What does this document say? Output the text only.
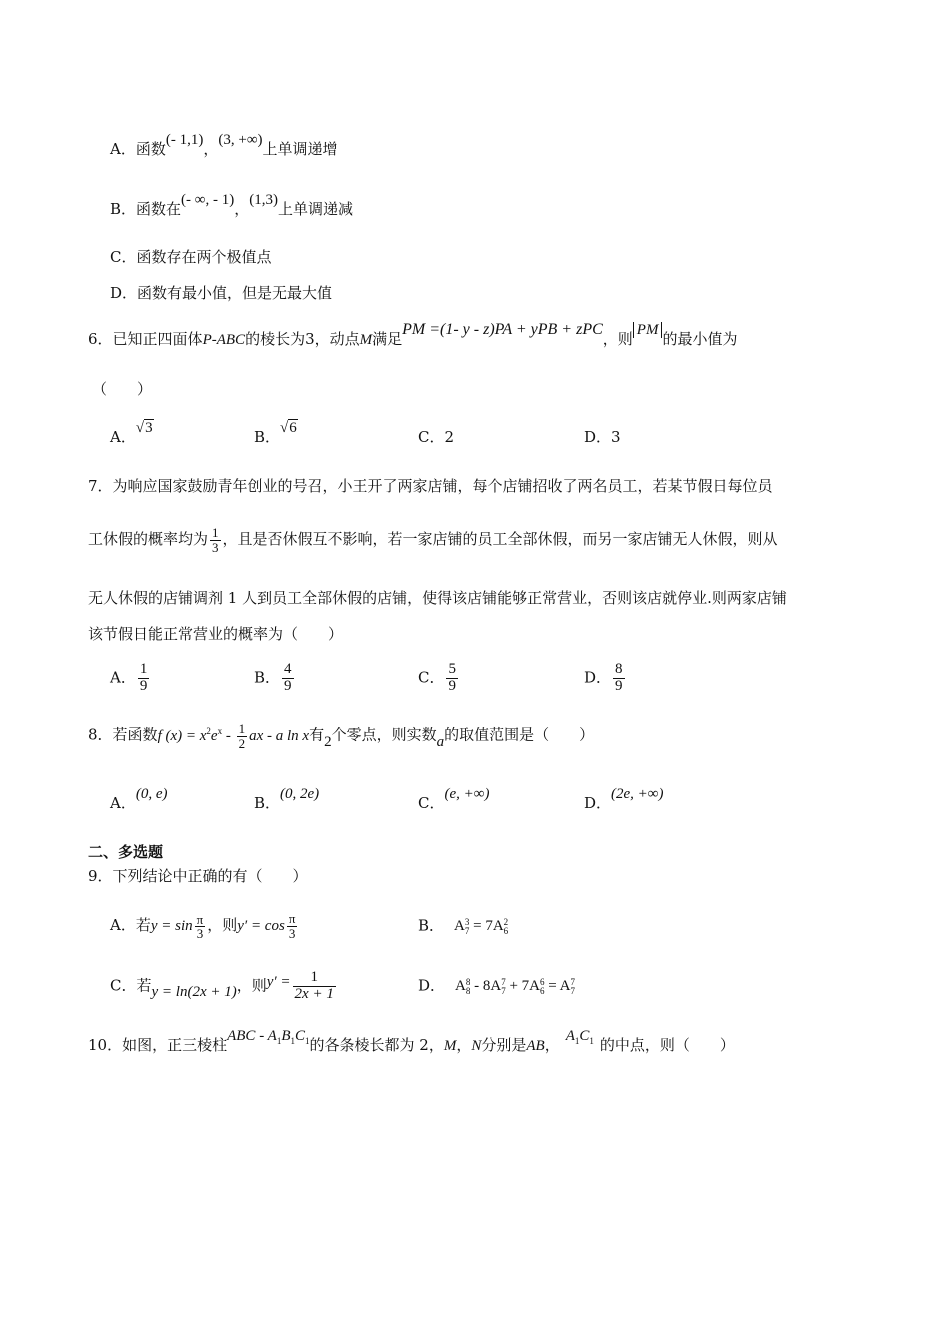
A．函数(- 1,1)，(3, +∞)上单调递增
B．函数在(- ∞, - 1)，(1,3)上单调递减
C．函数存在两个极值点
D．函数有最小值，但是无最大值
6．已知正四面体P-ABC的棱长为3，动点M满足PM =(1- y - z)PA + yPB + zPC，则 PM 的最小值为
（　　）
A．√3	B．√6	C．2	D．3
7．为响应国家鼓励青年创业的号召，小王开了两家店铺，每个店铺招收了两名员工，若某节假日每位员
工休假的概率均为 $\frac{1}{3}$ ，且是否休假互不影响，若一家店铺的员工全部休假，而另一家店铺无人休假，则从
无人休假的店铺调剂 1 人到员工全部休假的店铺，使得该店铺能够正常营业，否则该店就停业.则两家店铺
该节假日能正常营业的概率为（　　）
A． $\frac{1}{9}$	B． $\frac{4}{9}$	C． $\frac{5}{9}$	D． $\frac{8}{9}$
8．若函数f $(x) = x^2e^x - \frac{1}{2}$ ax - a ln x有2个零点，则实数a的取值范围是（　　）
A．(0, e)	B．(0, 2e)	C．(e, +∞)	D．(2e, +∞)
二、多选题
9．下列结论中正确的有（　　）
A．若$y = \sin \frac{\pi}{3}$ ，则$y' = \cos \frac{\pi}{3}$	B． A 3
7 = 7A 2
6
C．若y = ln(2x + 1)，则$y' = \frac{1}{2x + 1}$	D． A 8
8 - 8A 7
7 + 7A 6
6 = A 7
7
10．如图，正三棱柱ABC - $A_1B_1C_1$的各条棱长都为 2，M，N分别是AB， $A_1C_1$ 的中点，则（　　）
